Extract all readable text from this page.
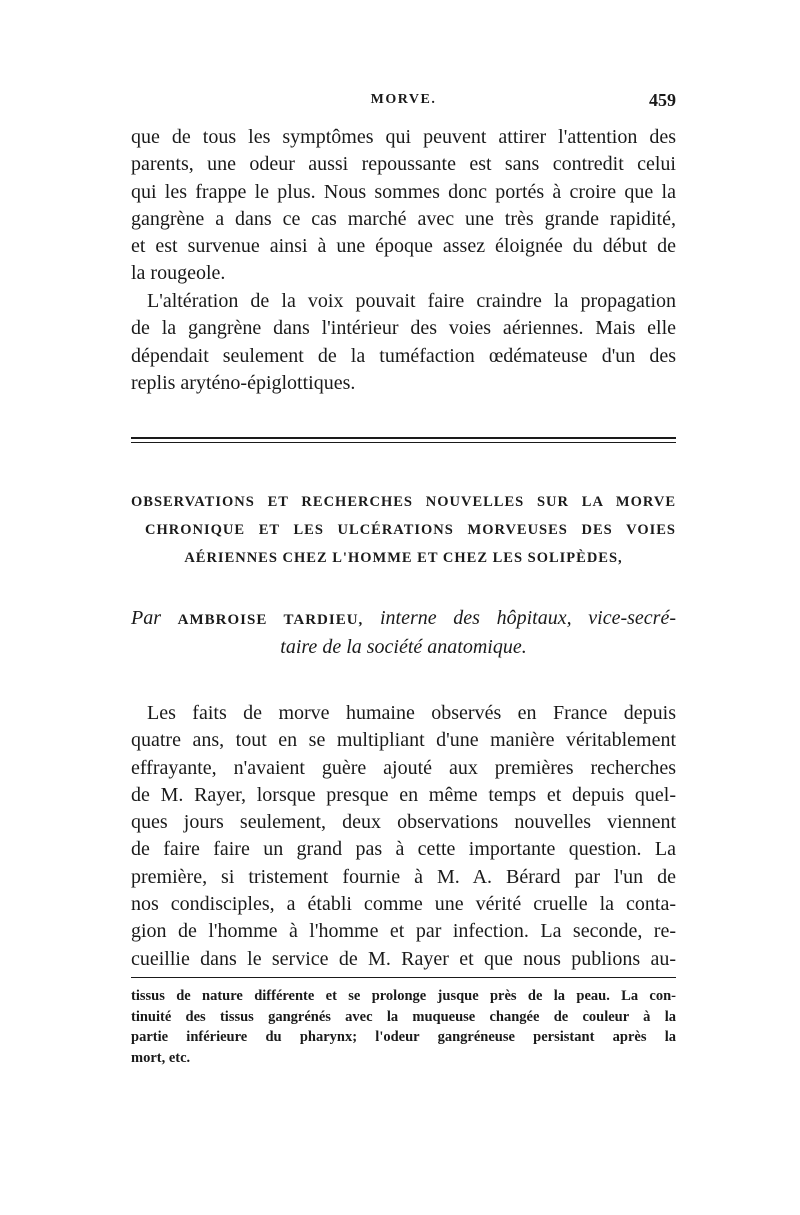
MORVE.	459
que de tous les symptômes qui peuvent attirer l'attention des
parents, une odeur aussi repoussante est sans contredit celui
qui les frappe le plus. Nous sommes donc portés à croire que la
gangrène a dans ce cas marché avec une très grande rapidité,
et est survenue ainsi à une époque assez éloignée du début de
la rougeole.
L'altération de la voix pouvait faire craindre la propagation
de la gangrène dans l'intérieur des voies aériennes. Mais elle
dépendait seulement de la tuméfaction œdémateuse d'un des
replis aryténo-épiglottiques.
OBSERVATIONS ET RECHERCHES NOUVELLES SUR LA MORVE
CHRONIQUE ET LES ULCÉRATIONS MORVEUSES DES VOIES
AÉRIENNES CHEZ L'HOMME ET CHEZ LES SOLIPÈDES,
Par AMBROISE TARDIEU, interne des hôpitaux, vice-secré-
taire de la société anatomique.
Les faits de morve humaine observés en France depuis
quatre ans, tout en se multipliant d'une manière véritablement
effrayante, n'avaient guère ajouté aux premières recherches
de M. Rayer, lorsque presque en même temps et depuis quel-
ques jours seulement, deux observations nouvelles viennent
de faire faire un grand pas à cette importante question. La
première, si tristement fournie à M. A. Bérard par l'un de
nos condisciples, a établi comme une vérité cruelle la conta-
gion de l'homme à l'homme et par infection. La seconde, re-
cueillie dans le service de M. Rayer et que nous publions au-
tissus de nature différente et se prolonge jusque près de la peau. La con-
tinuité des tissus gangrénés avec la muqueuse changée de couleur à la
partie inférieure du pharynx; l'odeur gangréneuse persistant après la
mort, etc.
